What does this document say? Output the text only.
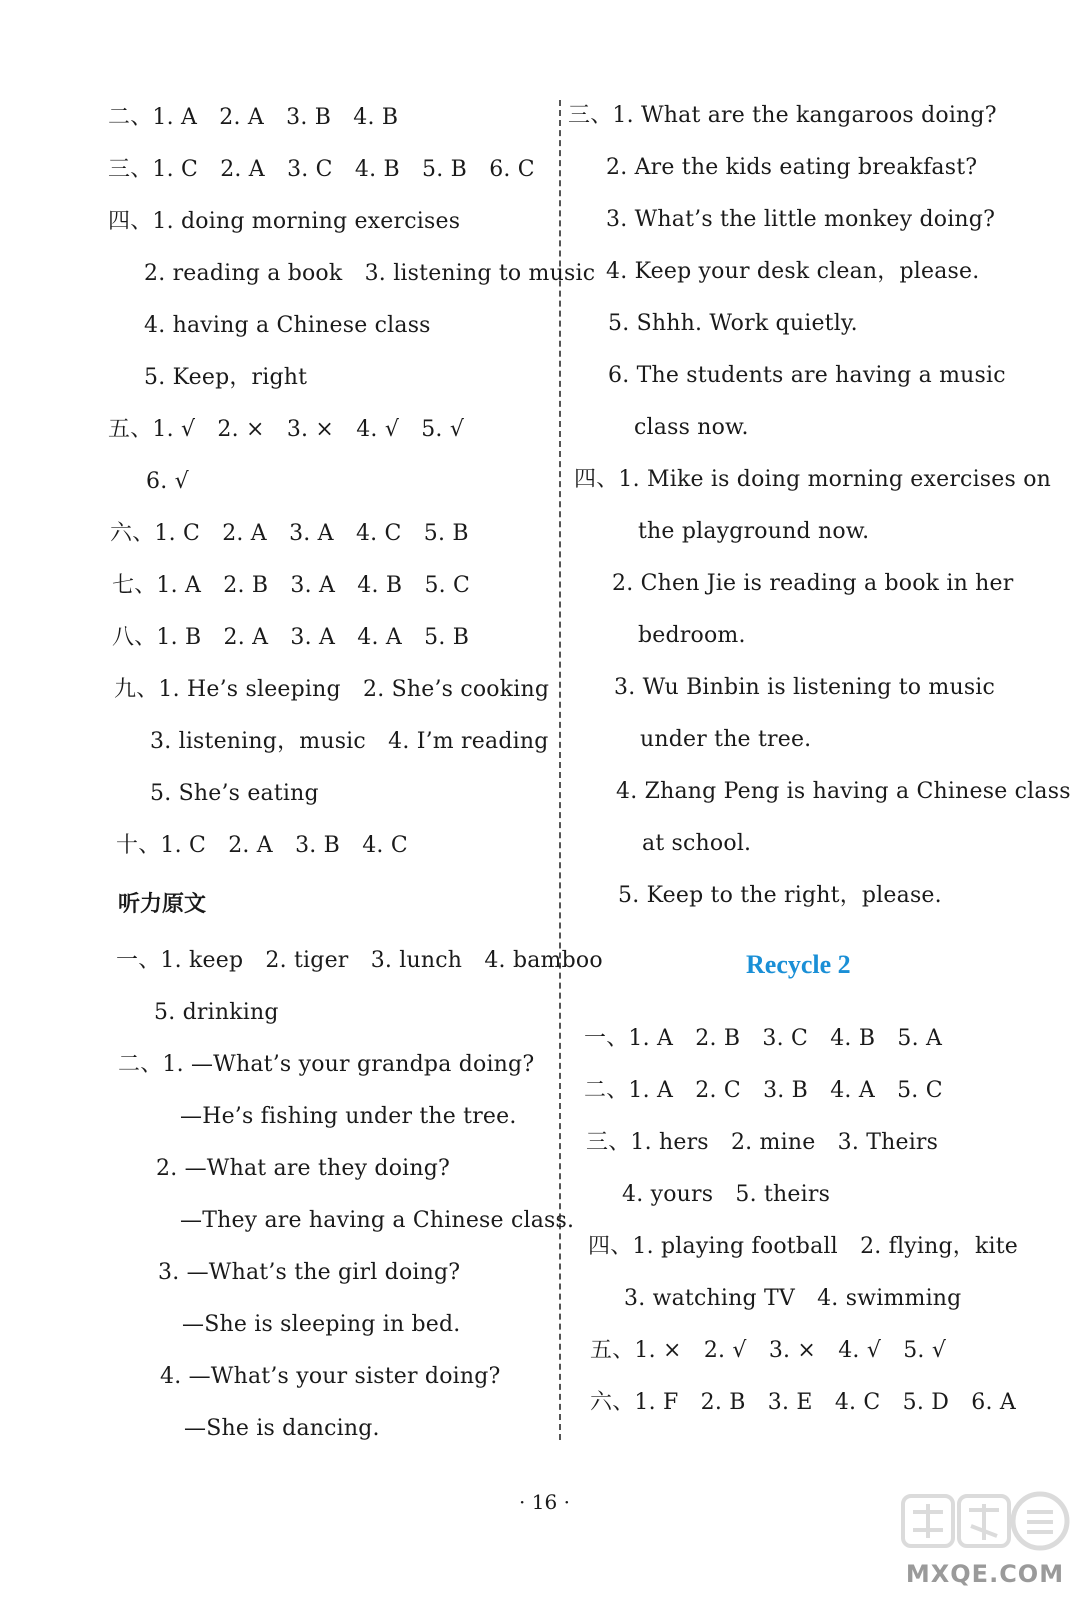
二、1. A　2. A　3. B　4. B
三、1. C　2. A　3. C　4. B　5. B　6. C
四、1. doing morning exercises
2. reading a book　3. listening to music
4. having a Chinese class
5. Keep，right
五、1. √　2. ×　3. ×　4. √　5. √
6. √
六、1. C　2. A　3. A　4. C　5. B
七、1. A　2. B　3. A　4. B　5. C
八、1. B　2. A　3. A　4. A　5. B
九、1. He’s sleeping　2. She’s cooking
3. listening，music　4. I’m reading
5. She’s eating
十、1. C　2. A　3. B　4. C
听力原文
一、1. keep　2. tiger　3. lunch　4. bamboo
5. drinking
二、1. —What’s your grandpa doing?
—He’s fishing under the tree.
2. —What are they doing?
—They are having a Chinese class.
3. —What’s the girl doing?
—She is sleeping in bed.
4. —What’s your sister doing?
—She is dancing.
三、1. What are the kangaroos doing?
2. Are the kids eating breakfast?
3. What’s the little monkey doing?
4. Keep your desk clean，please.
5. Shhh. Work quietly.
6. The students are having a music
class now.
四、1. Mike is doing morning exercises on
the playground now.
2. Chen Jie is reading a book in her
bedroom.
3. Wu Binbin is listening to music
under the tree.
4. Zhang Peng is having a Chinese class
at school.
5. Keep to the right，please.
Recycle 2
一、1. A　2. B　3. C　4. B　5. A
二、1. A　2. C　3. B　4. A　5. C
三、1. hers　2. mine　3. Theirs
4. yours　5. theirs
四、1. playing football　2. flying，kite
3. watching TV　4. swimming
五、1. ×　2. √　3. ×　4. √　5. √
六、1. F　2. B　3. E　4. C　5. D　6. A
· 16 ·
MXQE.COM
